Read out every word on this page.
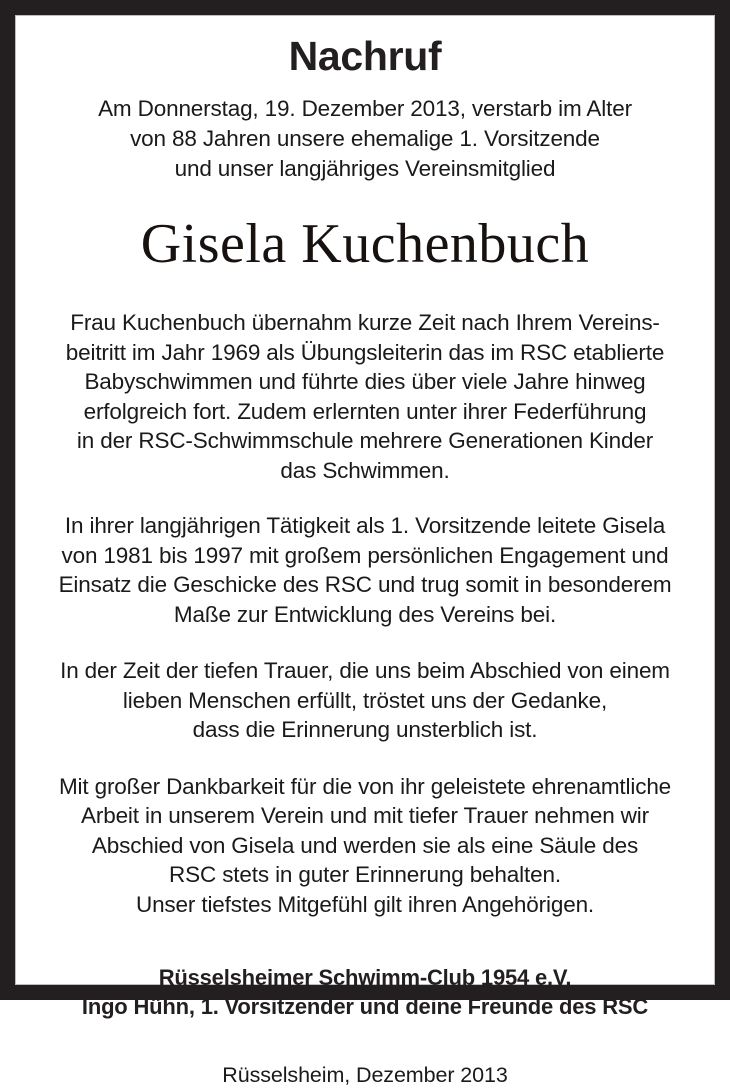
Nachruf

Am Donnerstag, 19. Dezember 2013, verstarb im Alter
von 88 Jahren unsere ehemalige 1. Vorsitzende
und unser langjähriges Vereinsmitglied

Gisela Kuchenbuch

Frau Kuchenbuch übernahm kurze Zeit nach Ihrem Vereins-
beitritt im Jahr 1969 als Übungsleiterin das im RSC etablierte
Babyschwimmen und führte dies über viele Jahre hinweg
erfolgreich fort. Zudem erlernten unter ihrer Federführung
in der RSC-Schwimmschule mehrere Generationen Kinder
das Schwimmen.

In ihrer langjährigen Tätigkeit als 1. Vorsitzende leitete Gisela
von 1981 bis 1997 mit großem persönlichen Engagement und
Einsatz die Geschicke des RSC und trug somit in besonderem
Maße zur Entwicklung des Vereins bei.

In der Zeit der tiefen Trauer, die uns beim Abschied von einem
lieben Menschen erfüllt, tröstet uns der Gedanke,
dass die Erinnerung unsterblich ist.

Mit großer Dankbarkeit für die von ihr geleistete ehrenamtliche
Arbeit in unserem Verein und mit tiefer Trauer nehmen wir
Abschied von Gisela und werden sie als eine Säule des
RSC stets in guter Erinnerung behalten.
Unser tiefstes Mitgefühl gilt ihren Angehörigen.

Rüsselsheimer Schwimm-Club 1954 e.V.
Ingo Hühn, 1. Vorsitzender und deine Freunde des RSC

Rüsselsheim, Dezember 2013
